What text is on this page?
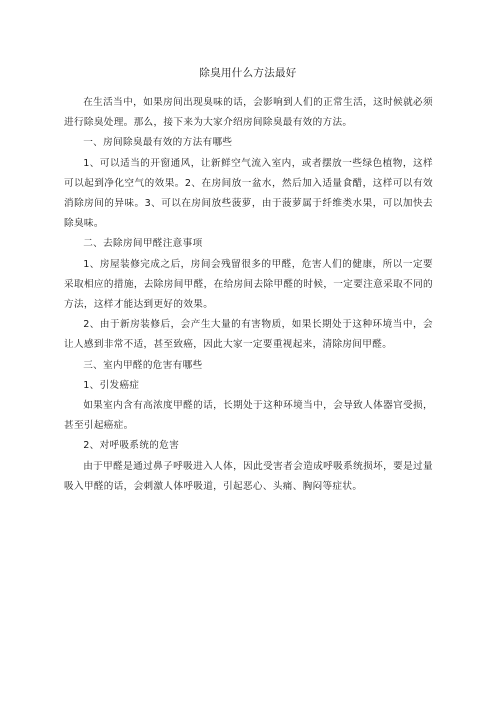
除臭用什么方法最好

在生活当中，如果房间出现臭味的话，会影响到人们的正常生活，这时候就必须进行除臭处理。那么，接下来为大家介绍房间除臭最有效的方法。

一、房间除臭最有效的方法有哪些

1、可以适当的开窗通风，让新鲜空气流入室内，或者摆放一些绿色植物，这样可以起到净化空气的效果。2、在房间放一盆水，然后加入适量食醋，这样可以有效消除房间的异味。3、可以在房间放些菠萝，由于菠萝属于纤维类水果，可以加快去除臭味。

二、去除房间甲醛注意事项

1、房屋装修完成之后，房间会残留很多的甲醛，危害人们的健康，所以一定要采取相应的措施，去除房间甲醛，在给房间去除甲醛的时候，一定要注意采取不同的方法，这样才能达到更好的效果。

2、由于新房装修后，会产生大量的有害物质，如果长期处于这种环境当中，会让人感到非常不适，甚至致癌，因此大家一定要重视起来，清除房间甲醛。

三、室内甲醛的危害有哪些

1、引发癌症

如果室内含有高浓度甲醛的话，长期处于这种环境当中，会导致人体器官受损，甚至引起癌症。

2、对呼吸系统的危害

由于甲醛是通过鼻子呼吸进入人体，因此受害者会造成呼吸系统损坏，要是过量吸入甲醛的话，会刺激人体呼吸道，引起恶心、头痛、胸闷等症状。
